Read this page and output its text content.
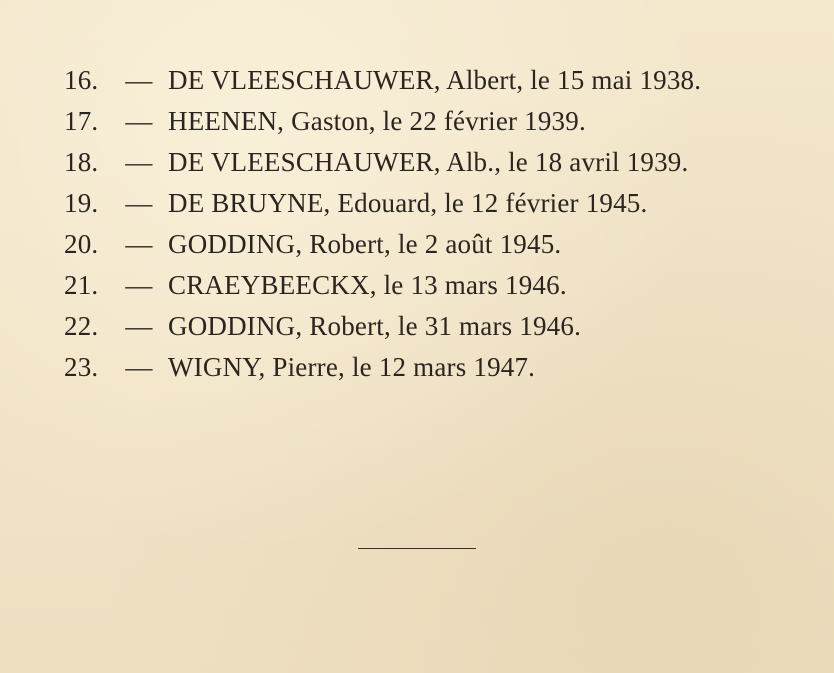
16.	— DE VLEESCHAUWER, Albert, le 15 mai 1938.
17.	— HEENEN, Gaston, le 22 février 1939.
18.	— DE VLEESCHAUWER, Alb., le 18 avril 1939.
19.	— DE BRUYNE, Edouard, le 12 février 1945.
20.	— GODDING, Robert, le 2 août 1945.
21.	— CRAEYBEECKX, le 13 mars 1946.
22.	— GODDING, Robert, le 31 mars 1946.
23.	— WIGNY, Pierre, le 12 mars 1947.
